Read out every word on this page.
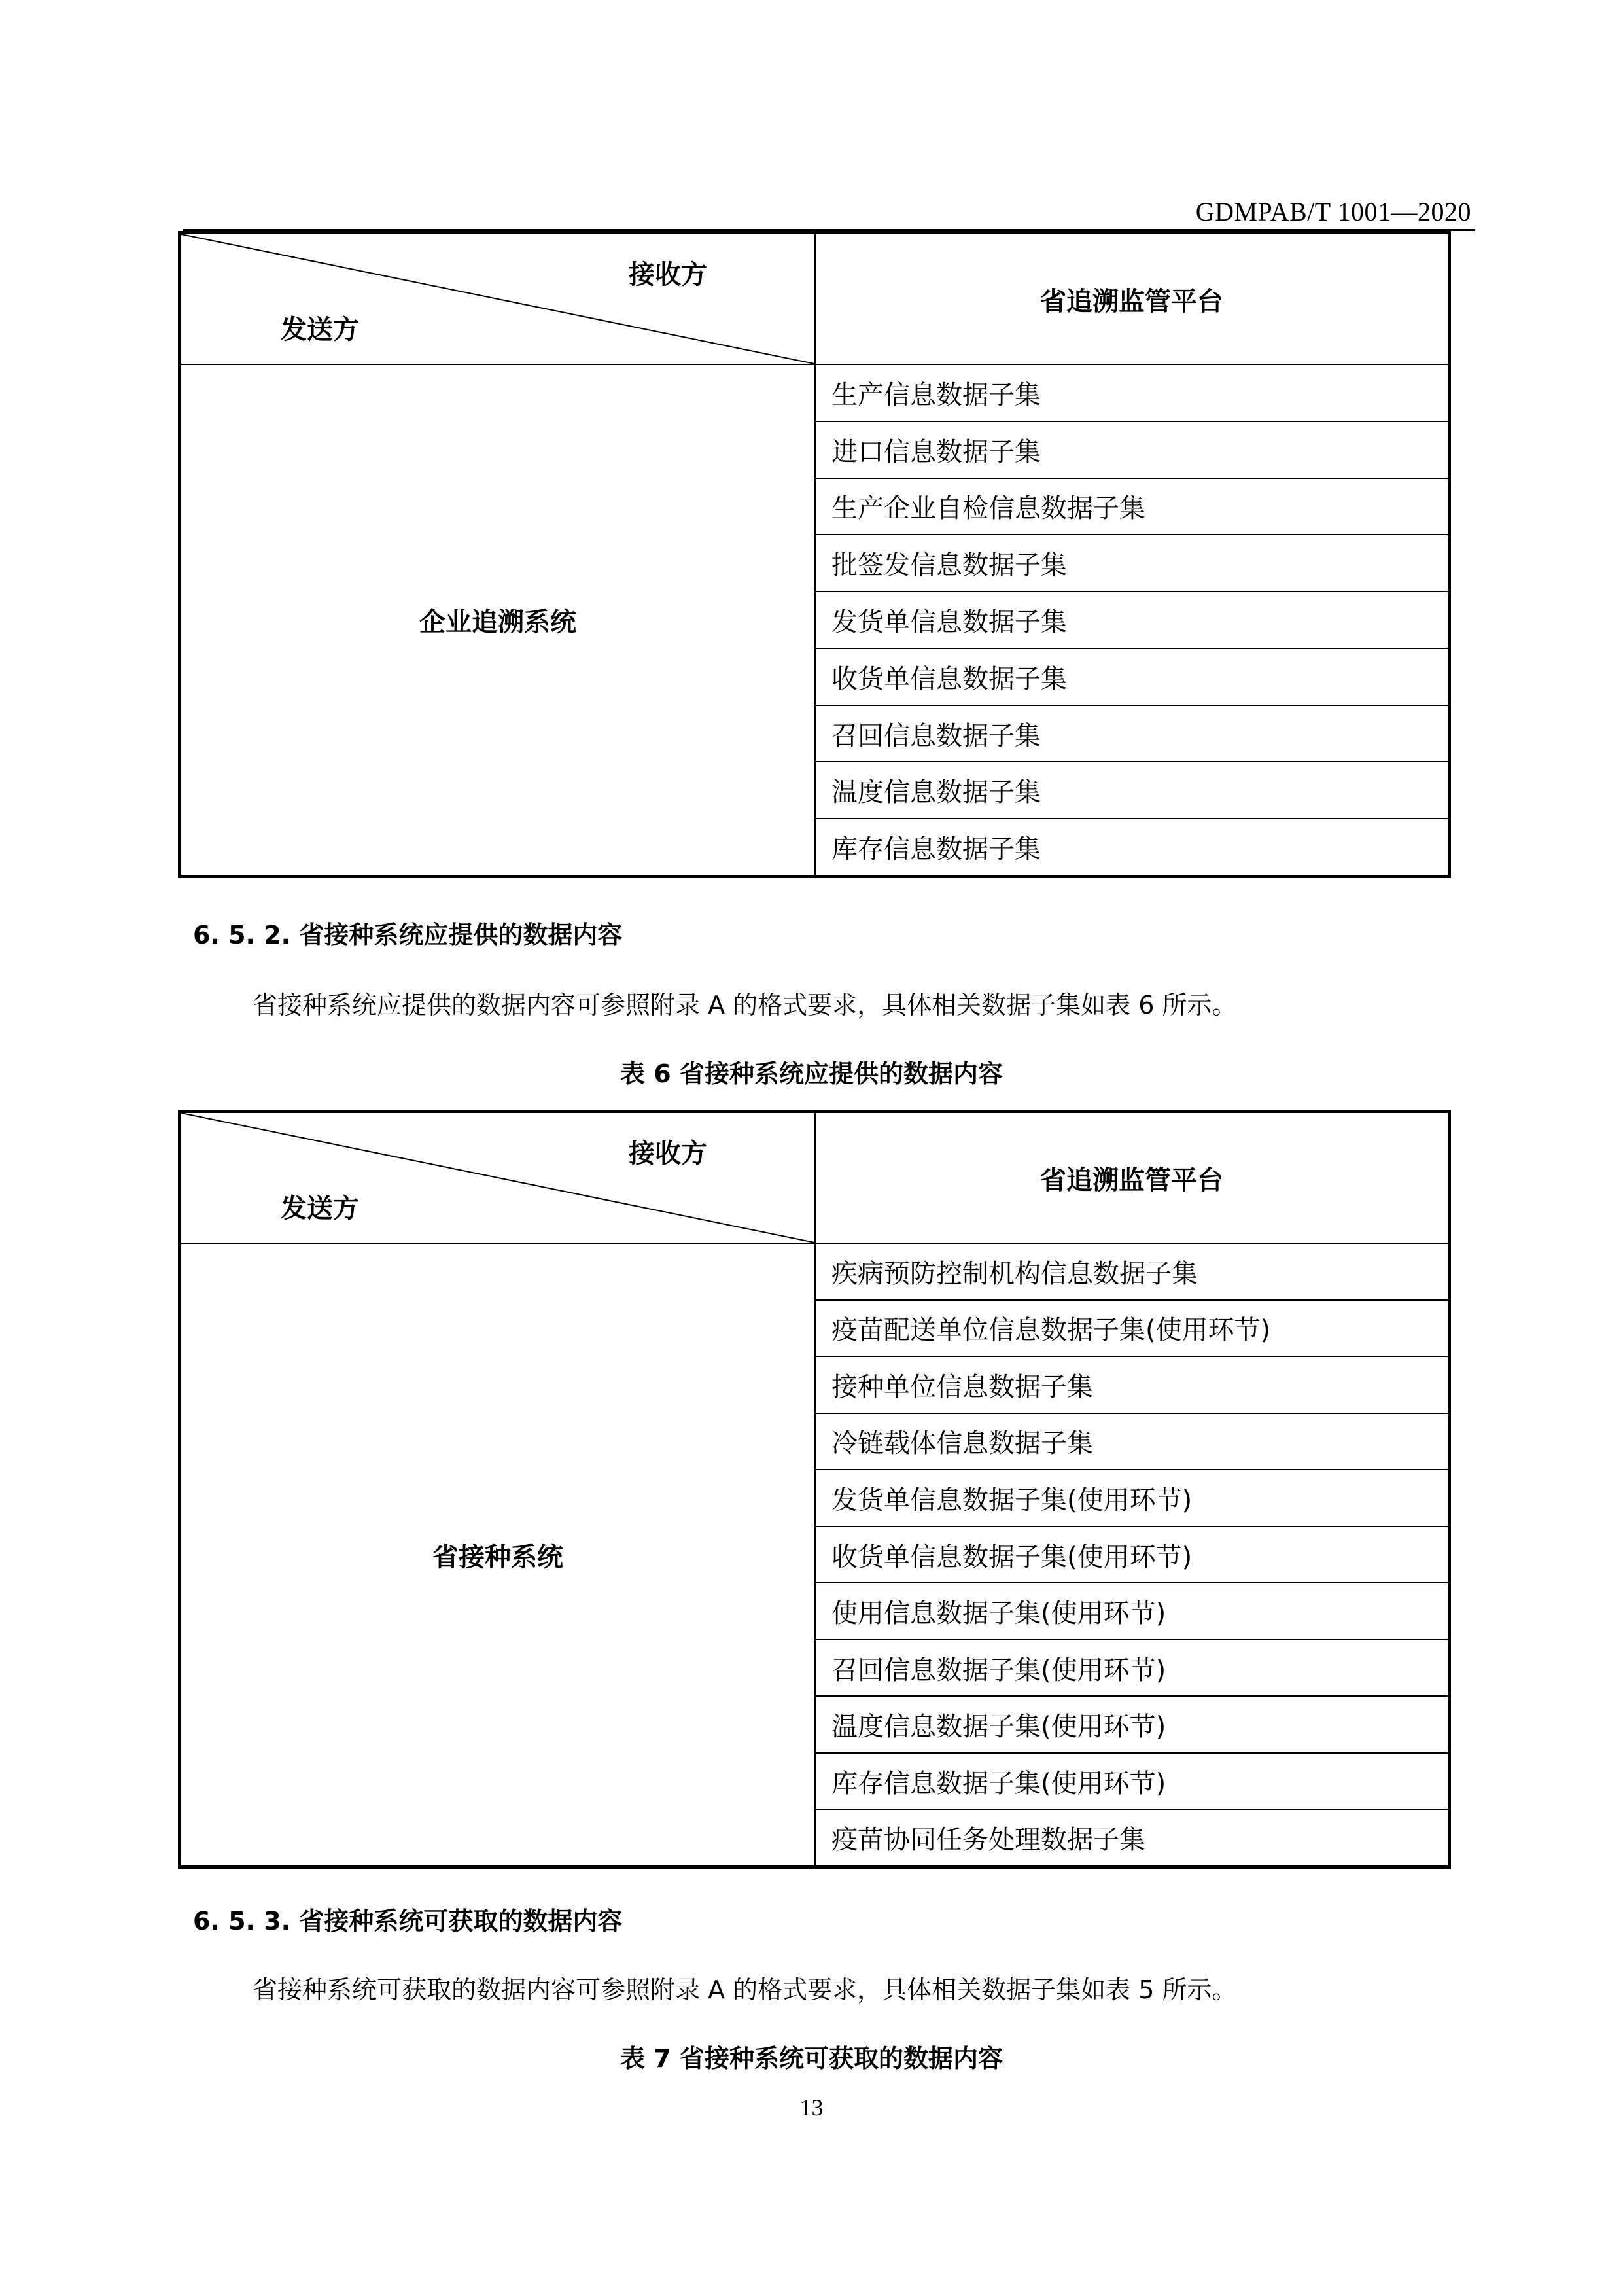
GDMPAB/T 1001—2020
接收方
发送方
省追溯监管平台
企业追溯系统
生产信息数据子集
进口信息数据子集
生产企业自检信息数据子集
批签发信息数据子集
发货单信息数据子集
收货单信息数据子集
召回信息数据子集
温度信息数据子集
库存信息数据子集
6. 5. 2. 省接种系统应提供的数据内容
省接种系统应提供的数据内容可参照附录 A 的格式要求，具体相关数据子集如表 6 所示。
表 6 省接种系统应提供的数据内容
接收方
发送方
省追溯监管平台
省接种系统
疾病预防控制机构信息数据子集
疫苗配送单位信息数据子集(使用环节)
接种单位信息数据子集
冷链载体信息数据子集
发货单信息数据子集(使用环节)
收货单信息数据子集(使用环节)
使用信息数据子集(使用环节)
召回信息数据子集(使用环节)
温度信息数据子集(使用环节)
库存信息数据子集(使用环节)
疫苗协同任务处理数据子集
6. 5. 3. 省接种系统可获取的数据内容
省接种系统可获取的数据内容可参照附录 A 的格式要求，具体相关数据子集如表 5 所示。
表 7 省接种系统可获取的数据内容
13
